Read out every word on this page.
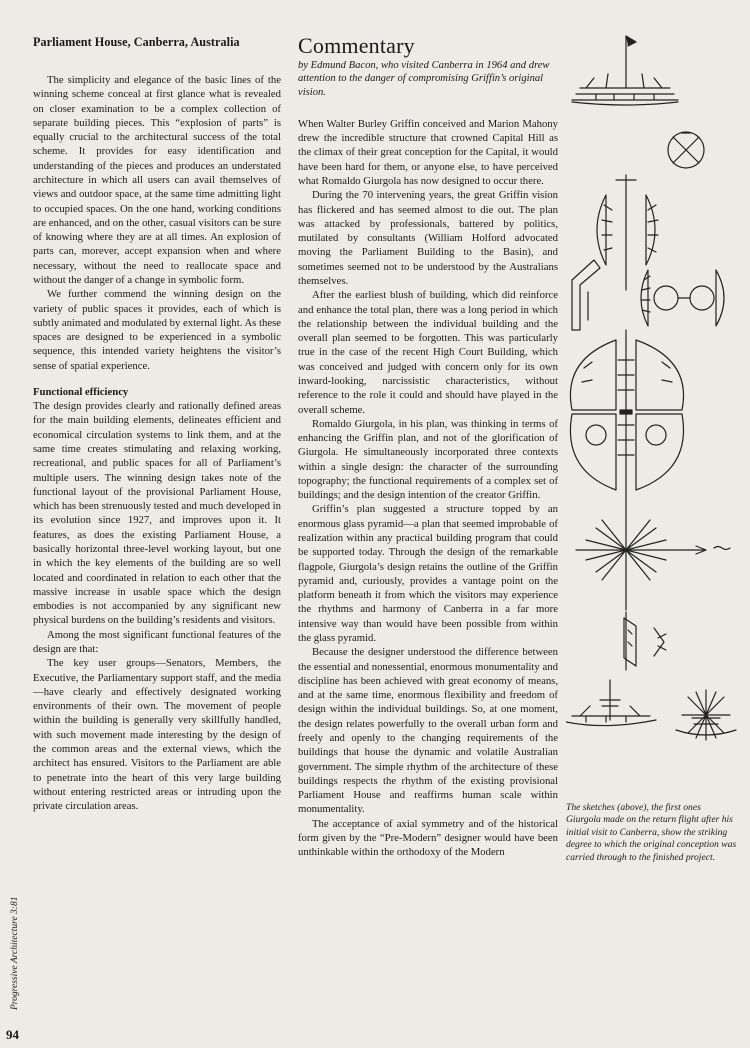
Parliament House, Canberra, Australia

The simplicity and elegance of the basic lines of the winning scheme conceal at first glance what is revealed on closer examination to be a complex collection of separate building pieces. This “explosion of parts” is equally crucial to the architectural success of the total scheme. It provides for easy identification and understanding of the pieces and produces an understated architecture in which all users can avail themselves of views and outdoor space, at the same time admitting light to occupied spaces. On the one hand, working conditions are enhanced, and on the other, casual visitors can be sure of knowing where they are at all times. An explosion of parts can, morever, accept expansion when and where necessary, without the need to reallocate space and without the danger of a change in symbolic form.

We further commend the winning design on the variety of public spaces it provides, each of which is subtly animated and modulated by external light. As these spaces are designed to be experienced in a symbolic sequence, this intended variety heightens the visitor’s sense of spatial experience.

Functional efficiency

The design provides clearly and rationally defined areas for the main building elements, delineates efficient and economical circulation systems to link them, and at the same time creates stimulating and relaxing working, recreational, and public spaces for all of Parliament’s multiple users. The winning design takes note of the functional layout of the provisional Parliament House, which has been strenuously tested and much developed in its evolution since 1927, and improves upon it. It features, as does the existing Parliament House, a basically horizontal three-level working layout, but one in which the key elements of the building are so well located and coordinated in relation to each other that the massive increase in usable space which the design embodies is not accompanied by any significant new physical burdens on the building’s residents and visitors.

Among the most significant functional features of the design are that:

The key user groups—Senators, Members, the Executive, the Parliamentary support staff, and the media—have clearly and effectively designated working environments of their own. The movement of people within the building is generally very skillfully handled, with such movement made interesting by the design of the common areas and the external views, which the architect has ensured. Visitors to the Parliament are able to penetrate into the heart of this very large building without entering restricted areas or intruding upon the private circulation areas.

Commentary
by Edmund Bacon, who visited Canberra in 1964 and drew attention to the danger of compromising Griffin’s original vision.

When Walter Burley Griffin conceived and Marion Mahony drew the incredible structure that crowned Capital Hill as the climax of their great conception for the Capital, it would have been hard for them, or anyone else, to have perceived what Romaldo Giurgola has now designed to occur there.

During the 70 intervening years, the great Griffin vision has flickered and has seemed almost to die out. The plan was attacked by professionals, battered by politics, mutilated by consultants (William Holford advocated moving the Parliament Building to the Basin), and sometimes seemed not to be understood by the Australians themselves.

After the earliest blush of building, which did reinforce and enhance the total plan, there was a long period in which the relationship between the individual building and the overall plan seemed to be forgotten. This was particularly true in the case of the recent High Court Building, which was conceived and judged with concern only for its own inward-looking, narcissistic characteristics, without reference to the role it could and should have played in the overall scheme.

Romaldo Giurgola, in his plan, was thinking in terms of enhancing the Griffin plan, and not of the glorification of Giurgola. He simultaneously incorporated three contexts within a single design: the character of the surrounding topography; the functional requirements of a complex set of buildings; and the design intention of the creator Griffin.

Griffin’s plan suggested a structure topped by an enormous glass pyramid—a plan that seemed improbable of realization within any practical building program that could be supported today. Through the design of the remarkable flagpole, Giurgola’s design retains the outline of the Griffin pyramid and, curiously, provides a vantage point on the platform beneath it from which the visitors may experience the rhythms and harmony of Canberra in a far more intensive way than would have been possible from within the glass pyramid.

Because the designer understood the difference between the essential and nonessential, enormous monumentality and discipline has been achieved with great economy of means, and at the same time, enormous flexibility and freedom of design within the individual buildings. So, at one moment, the design relates powerfully to the overall urban form and freely and openly to the changing requirements of the buildings that house the dynamic and volatile Australian government. The simple rhythm of the architecture of these buildings respects the rhythm of the existing provisional Parliament House and reaffirms human scale within monumentality.

The acceptance of axial symmetry and of the historical form given by the “Pre-Modern” designer would have been unthinkable within the orthodoxy of the Modern

The sketches (above), the first ones Giurgola made on the return flight after his initial visit to Canberra, show the striking degree to which the original conception was carried through to the finished project.
Progressive Architecture 3:81
94
